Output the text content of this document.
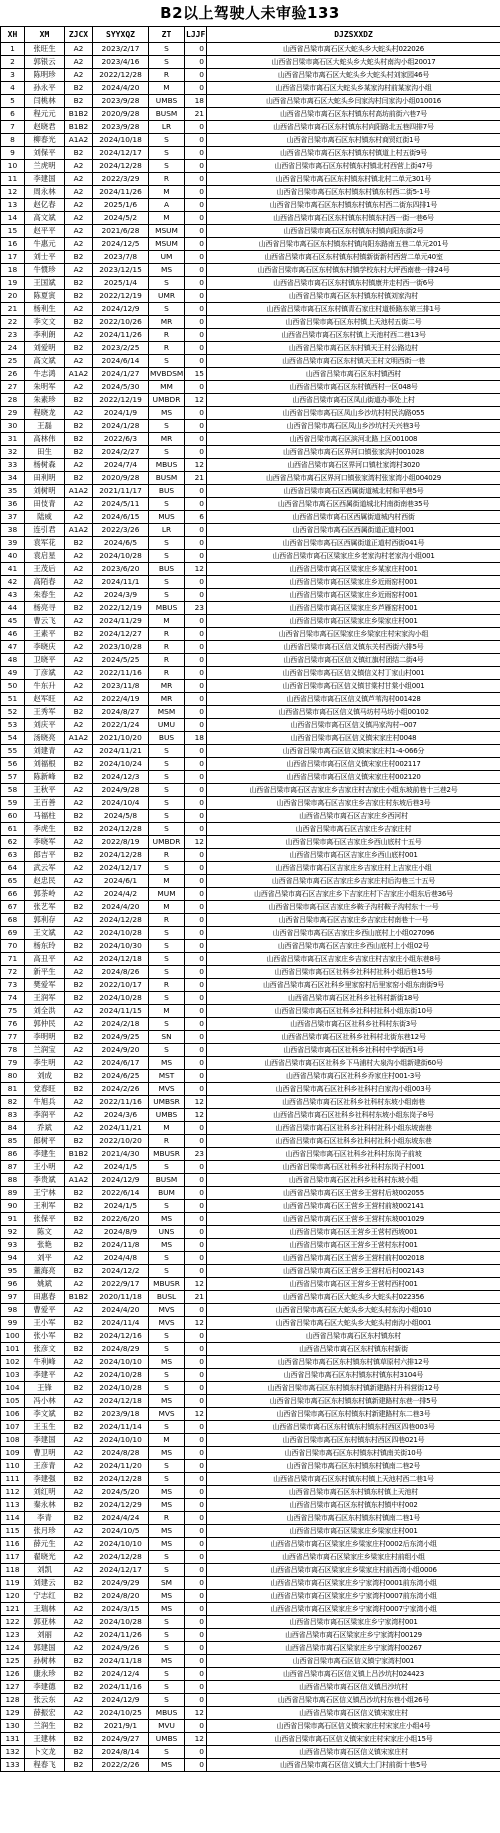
B2以上驾驶人未审验133
XH	XM	ZJCX	SYYXQZ	ZT	LJJF	DJZSXXDZ
1	张旺生	A2	2023/2/17	S	0	山西省吕梁市离石区大蛇头乡大蛇头村022026
2	郭银云	A2	2023/4/16	S	0	山西省吕梁市离石区大蛇头乡大蛇头村南沟小组20017
3	陈明珍	A2	2022/12/28	R	0	山西省吕梁市离石区大蛇头乡大蛇头村刘家园46号
4	孙永平	B2	2024/4/20	M	0	山西省吕梁市离石区大蛇头乡某家沟村前某家沟小组
5	闫桃林	B2	2023/9/28	UMBS	18	山西省吕梁市离石区大蛇头乡闫家沟村闫家沟小组010016
6	程元元	B1B2	2020/9/28	BUSM	21	山西省吕梁市离石区东村镇东村高坊前街六巷7号
7	赵晓君	B1B2	2023/9/28	LR	0	山西省吕梁市离石区东村镇东村向阳路北五巷四排7号
8	柳春光	A1A2	2024/10/18	S	0	山西省吕梁市离石区东村镇东村商贸红街1号
9	刘保平	B2	2024/12/17	S	0	山西省吕梁市离石区东村镇东村镇道上村五街9号
10	兰虎明	A2	2024/12/28	S	0	山西省吕梁市离石区东村镇东村镇北村西营上街47号
11	李建国	A2	2022/3/29	R	0	山西省吕梁市离石区东村镇东村镇北村二单元301号
12	周永林	A2	2024/11/26	M	0	山西省吕梁市离石区东村镇东村镇东村西二街5-1号
13	赵亿春	A2	2025/1/6	A	0	山西省吕梁市离石区东村镇东村镇东村西二街东四排1号
14	高文斌	A2	2024/5/2	M	0	山西省吕梁市离石区东村镇东村镇东村西一街一巷6号
15	赵平平	A2	2021/6/28	MSUM	0	山西省吕梁市离石区东村镇东村镇向阳东街2号
16	牛惠元	A2	2024/12/5	MSUM	0	山西省吕梁市离石区东村镇东村镇向阳东路南五巷二单元201号
17	刘士平	B2	2023/7/8	UM	0	山西省吕梁市离石区东村镇东村镇新街新村西营二单元40室
18	牛惯珍	A2	2023/12/15	MS	0	山西省吕梁市离石区东村镇东村镇学校东村大坪西南巷一排24号
19	王国斌	B2	2025/1/4	S	0	山西省吕梁市离石区东村镇东村镇康井走村西一街6号
20	陈夏寅	B2	2022/12/19	UMR	0	山西省吕梁市离石区东村镇东村镇刘家沟村
21	杨利生	A2	2024/12/9	S	0	山西省吕梁市离石区东村镇青石家庄村道桥路东第三排1号
22	李文文	B2	2022/10/26	MR	0	山西省吕梁市离石区东村镇上天池村五街二号
23	李利朗	A2	2024/11/26	R	0	山西省吕梁市离石区东村镇上天池村西二巷13号
24	刘爱明	B2	2023/2/25	R	0	山西省吕梁市离石区东村镇天王村公路边村
25	高文斌	A2	2024/6/14	S	0	山西省吕梁市离石区东村镇天王村文明西街一巷
26	牛志鸿	A1A2	2024/1/27	MVBDSM	15	山西省吕梁市离石区东村镇西村
27	朱明军	A2	2024/5/30	MM	0	山西省吕梁市离石区东村镇西村一区048号
28	朱素珍	B2	2022/12/19	UMBDR	12	山西省吕梁市离石区凤山街道办事处上村
29	程晓龙	A2	2024/1/9	MS	0	山西省吕梁市离石区凤山乡沙坑村村民沟路055
30	王磊	B2	2024/1/28	S	0	山西省吕梁市离石区凤山乡沙坑村天兴巷3号
31	高林伟	B2	2022/6/3	MR	0	山西省吕梁市离石区滨河北路上区001008
32	田生	B2	2024/2/27	S	0	山西省吕梁市离石区界河口镇张家沟村001028
33	杨树森	A2	2024/7/4	MBUS	12	山西省吕梁市离石区界河口镇杜家湾村3020
34	田利明	B2	2020/9/28	BUSM	21	山西省吕梁市离石区界河口镇张家湾村张家湾小组004029
35	刘树明	A1A2	2021/11/17	BUS	0	山西省吕梁市离石区西属街道城北村和平巷5号
36	田伎青	A2	2024/5/11	S	0	山西省吕梁市离石区西属街道城北村南街南巷35号
37	陆威	A2	2024/6/15	MUS	6	山西省吕梁市离石区西属街道城内村西街
38	连引君	A1A2	2022/3/26	LR	0	山西省吕梁市离石区西属街道正道村001
39	袁军花	B2	2024/6/5	S	0	山西省吕梁市离石区西属街道正道村西街041号
40	袁启星	A2	2024/10/28	S	0	山西省吕梁市离石区梁家庄乡老家沟村老家沟小组001
41	王茂后	A2	2023/6/20	BUS	12	山西省吕梁市离石区梁家庄乡某家庄村001
42	高陌春	A2	2024/11/1	S	0	山西省吕梁市离石区梁家庄乡近雨窑村001
43	朱春生	A2	2024/3/9	S	0	山西省吕梁市离石区梁家庄乡近雨窑村001
44	杨亮寻	B2	2022/12/19	MBUS	23	山西省吕梁市离石区梁家庄乡芦雁窑村001
45	曹云飞	A2	2024/11/29	M	0	山西省吕梁市离石区梁家庄乡梁家庄村001
46	王素平	B2	2024/12/27	R	0	山西省吕梁市离石区梁家庄乡梁家庄村宋家沟小组
47	李晓庆	A2	2023/10/28	R	0	山西省吕梁市离石区信义镇东关村西街六排5号
48	卫晓平	A2	2024/5/25	R	0	山西省吕梁市离石区信义镇红旗村团结二街4号
49	丁彦斌	A2	2022/11/16	R	0	山西省吕梁市离石区信义镇信义村丁家山村001
50	牛东升	A2	2023/11/8	MR	0	山西省吕梁市离石区信义镇甘棠村甘棠小组001
51	赵军旺	A2	2022/4/19	MR	0	山西省吕梁市离石区信义镇芦苇沟村001428
52	王秀军	B2	2024/8/27	MSM	0	山西省吕梁市离石区信义镇马坊村马坊小组00102
53	刘庆平	A2	2022/1/24	UMU	0	山西省吕梁市离石区信义镇冯家沟村--007
54	汤晓亮	A1A2	2021/10/20	BUS	18	山西省吕梁市离石区信义镇宋家庄村0048
55	刘建青	A2	2024/11/21	S	0	山西省吕梁市离石区信义镇宋家庄村1-4-066分
56	刘福根	B2	2024/10/24	S	0	山西省吕梁市离石区信义镇宋家庄村002117
57	陈新峰	B2	2024/12/3	S	0	山西省吕梁市离石区信义镇宋家庄村002120
58	王秋平	A2	2024/9/28	S	0	山西省吕梁市离石区吉家庄乡吉家庄村吉家庄小组东坡前巷十三巷2号
59	王百善	A2	2024/10/4	S	0	山西省吕梁市离石区吉家庄乡吉家庄村东坡后巷3号
60	马福柱	B2	2024/5/8	S	0	山西省吕梁市离石区吉家庄乡西河村
61	李虎生	B2	2024/12/28	S	0	山西省吕梁市离石区吉家庄乡吉家庄村
62	李晓军	A2	2022/8/19	UMBDR	12	山西省吕梁市离石区吉家庄乡西山底村十五号
63	郎吉平	B2	2024/12/28	R	0	山西省吕梁市离石区吉家庄乡西山底村001
64	武云军	A2	2024/12/17	S	0	山西省吕梁市离石区吉家庄乡吉家庄村上吉家庄小组
65	赵忠民	A2	2024/6/1	M	0	山西省吕梁市离石区吉家庄乡吉家庄村后沟巷三十五号
66	郭茶岭	A2	2024/4/2	MUM	0	山西省吕梁市离石区吉家庄乡下吉家庄村下吉家庄小组东后巷36号
67	张艺军	B2	2024/4/20	M	0	山西省吕梁市离石区吉家庄乡鞍子沟村鞍子沟村东十一号
68	郭利存	A2	2024/12/28	R	0	山西省吕梁市离石区吉家庄乡吉家庄村南巷十一号
69	王文斌	A2	2024/10/28	S	0	山西省吕梁市离石区吉家庄乡西山底村上小组027096
70	杨东玲	B2	2024/10/30	S	0	山西省吕梁市离石区吉家庄乡西山底村上小组02号
71	高丑平	A2	2024/12/18	S	0	山西省吕梁市离石区吉家庄乡吉家庄村吉家庄小组东巷8号
72	新平生	A2	2024/8/26	S	0	山西省吕梁市离石区社科乡社科村社科小组后巷15号
73	樊爱军	B2	2022/10/17	R	0	山西省吕梁市离石区社科乡里家窑村后里家窑小组东南街9号
74	王润军	B2	2024/10/28	S	0	山西省吕梁市离石区社科乡社科村新街18号
75	刘全洪	A2	2024/11/15	M	0	山西省吕梁市离石区社科乡社科村社科小组东街10号
76	郭仲民	A2	2024/2/18	S	0	山西省吕梁市离石区社科乡社科村东街3号
77	李明明	B2	2024/9/25	SN	0	山西省吕梁市离石区社科乡社科村北街东巷12号
78	兰润宝	A2	2024/9/20	S	0	山西省吕梁市离石区社科乡社科村中学街西1号
79	李生明	A2	2024/6/17	MS	0	山西省吕梁市离石区社科乡下马浦村大泉沟小组新建街60号
80	刘成	B2	2024/6/25	MST	0	山西省吕梁市离石区社科乡乔家庄村001-3号
81	党春旺	B2	2024/2/26	MVS	0	山西省吕梁市离石区社科乡社科村白家沟小组003号
82	牛旭兵	A2	2022/11/16	UMBSR	12	山西省吕梁市离石区社科乡社科村东坡小组南巷
83	李润平	A2	2024/3/6	UMBS	12	山西省吕梁市离石区社科乡社科村东坡小组东岗子8号
84	乔斌	A2	2024/11/21	M	0	山西省吕梁市离石区社科乡社科村社科小组东坡南巷
85	郎树平	B2	2022/10/20	R	0	山西省吕梁市离石区社科乡社科村社科小组东坡东巷
86	李建生	B1B2	2021/4/30	MBUSR	23	山西省吕梁市离石区社科乡社科村东岗子前坡
87	王小明	A2	2024/1/5	S	0	山西省吕梁市离石区社科乡社科村东岗子村001
88	李贵斌	A1A2	2024/12/9	BUSM	0	山西省吕梁市离石区社科乡社科村东坡小组
89	王宁林	B2	2022/6/14	BUM	0	山西省吕梁市离石区王营乡王营村后坡002055
90	王利军	B2	2024/1/5	S	0	山西省吕梁市离石区王营乡王营村前坡002141
91	张保平	B2	2022/6/20	MS	0	山西省吕梁市离石区王营乡王营村东坡001029
92	陈文	A2	2024/8/9	UNS	0	山西省吕梁市离石区王营乡王营村西坡001
93	张艳	B2	2024/11/8	MS	0	山西省吕梁市离石区王营乡王营村东村001
94	刘平	A2	2024/4/8	S	0	山西省吕梁市离石区王营乡王营村前村002018
95	董海亮	B2	2024/12/2	S	0	山西省吕梁市离石区王营乡王营村后村002143
96	姚斌	A2	2022/9/17	MBUSR	12	山西省吕梁市离石区王营乡王营村西村001
97	田惠春	B1B2	2020/11/18	BUSL	21	山西省吕梁市离石区大蛇头乡大蛇头村022356
98	曹爱平	A2	2024/4/20	MVS	0	山西省吕梁市离石区大蛇头乡大蛇头村东沟小组010
99	王小军	B2	2024/11/4	MVS	12	山西省吕梁市离石区大蛇头乡大蛇头村南沟小组001
100	张小军	B2	2024/12/16	S	0	山西省吕梁市离石区东村镇东村
101	张彦文	B2	2024/8/29	S	0	山西省吕梁市离石区东村镇东村新街
102	牛利峰	A2	2024/10/10	MS	0	山西省吕梁市离石区东村镇东村镇草原村六排12号
103	李建平	A2	2024/10/28	S	0	山西省吕梁市离石区东村镇东村镇东村3104号
104	王锋	B2	2024/10/28	S	0	山西省吕梁市离石区东村镇东村镇新建路村升科营街12号
105	冯小林	A2	2024/12/18	MS	0	山西省吕梁市离石区东村镇东村镇新建路村东巷一排5号
106	李文斌	B2	2023/9/18	MVS	12	山西省吕梁市离石区东村镇东村新建路村东二巷3号
107	王玉生	B2	2024/11/14	S	0	山西省吕梁市离石区东村镇东村镇东村西区四巷003号
108	李建国	A2	2024/10/10	M	0	山西省吕梁市离石区东村镇东村西区四巷021号
109	曹卫明	A2	2024/8/28	MS	0	山西省吕梁市离石区东村镇东村镇南关街10号
110	王彦青	A2	2024/11/20	S	0	山西省吕梁市离石区东村镇东村镇南二巷2号
111	李建强	B2	2024/12/28	S	0	山西省吕梁市离石区东村镇东村镇上天池村西二巷1号
112	刘红明	A2	2024/5/20	MS	0	山西省吕梁市离石区东村镇东村镇上天池村
113	秦永林	B2	2024/12/29	MS	0	山西省吕梁市离石区东村镇东村镇中村002
114	李青	B2	2024/4/24	R	0	山西省吕梁市离石区东村镇东村镇南二巷1号
115	张月珍	A2	2024/10/5	MS	0	山西省吕梁市离石区梁家庄乡梁家庄村001
116	薛元生	A2	2024/10/10	MS	0	山西省吕梁市离石区梁家庄乡梁家庄村0002后东湾小组
117	翟晓光	A2	2024/12/28	S	0	山西省吕梁市离石区梁家庄乡梁家庄村前组小组
118	刘凯	A2	2024/12/17	S	0	山西省吕梁市离石区梁家庄乡梁家庄村前西湾小组0006
119	刘建云	B2	2024/9/29	SM	0	山西省吕梁市离石区梁家庄乡宁家湾村0001前东湾小组
120	宁志红	B2	2024/8/20	MS	0	山西省吕梁市离石区梁家庄乡宁家湾村0007前东湾小组
121	王瑞林	A2	2024/3/15	MS	0	山西省吕梁市离石区梁家庄乡宁家湾村0007宁家湾小组
122	郭亚林	A2	2024/10/28	S	0	山西省吕梁市离石区梁家庄乡宁家湾村001
123	刘丽	A2	2024/11/26	S	0	山西省吕梁市离石区梁家庄乡宁家湾村00129
124	郭建国	A2	2024/9/26	S	0	山西省吕梁市离石区梁家庄乡宁家湾村00267
125	孙树林	B2	2024/11/18	MS	0	山西省吕梁市离石区信义镇宁家湾村001
126	康永珍	B2	2024/12/4	S	0	山西省吕梁市离石区信义镇上吕沙坑村024423
127	李建德	B2	2024/11/16	S	0	山西省吕梁市离石区信义镇吕沙坑村
128	张云东	A2	2024/12/9	S	0	山西省吕梁市离石区信义镇吕沙坑村东巷小组26号
129	薛振宏	A2	2024/10/25	MBUS	12	山西省吕梁市离石区信义镇宋家庄村
130	兰润生	B2	2021/9/1	MVU	0	山西省吕梁市离石区信义镇宋家庄村宋家庄小组4号
131	王建林	B2	2024/9/27	UMBS	12	山西省吕梁市离石区信义镇宋家庄村宋家庄小组15号
132	卜文龙	B2	2024/8/14	S	0	山西省吕梁市离石区信义镇宋家庄村
133	程春飞	B2	2022/2/26	MS	0	山西省吕梁市离石区信义镇大土门村前街十巷5号
